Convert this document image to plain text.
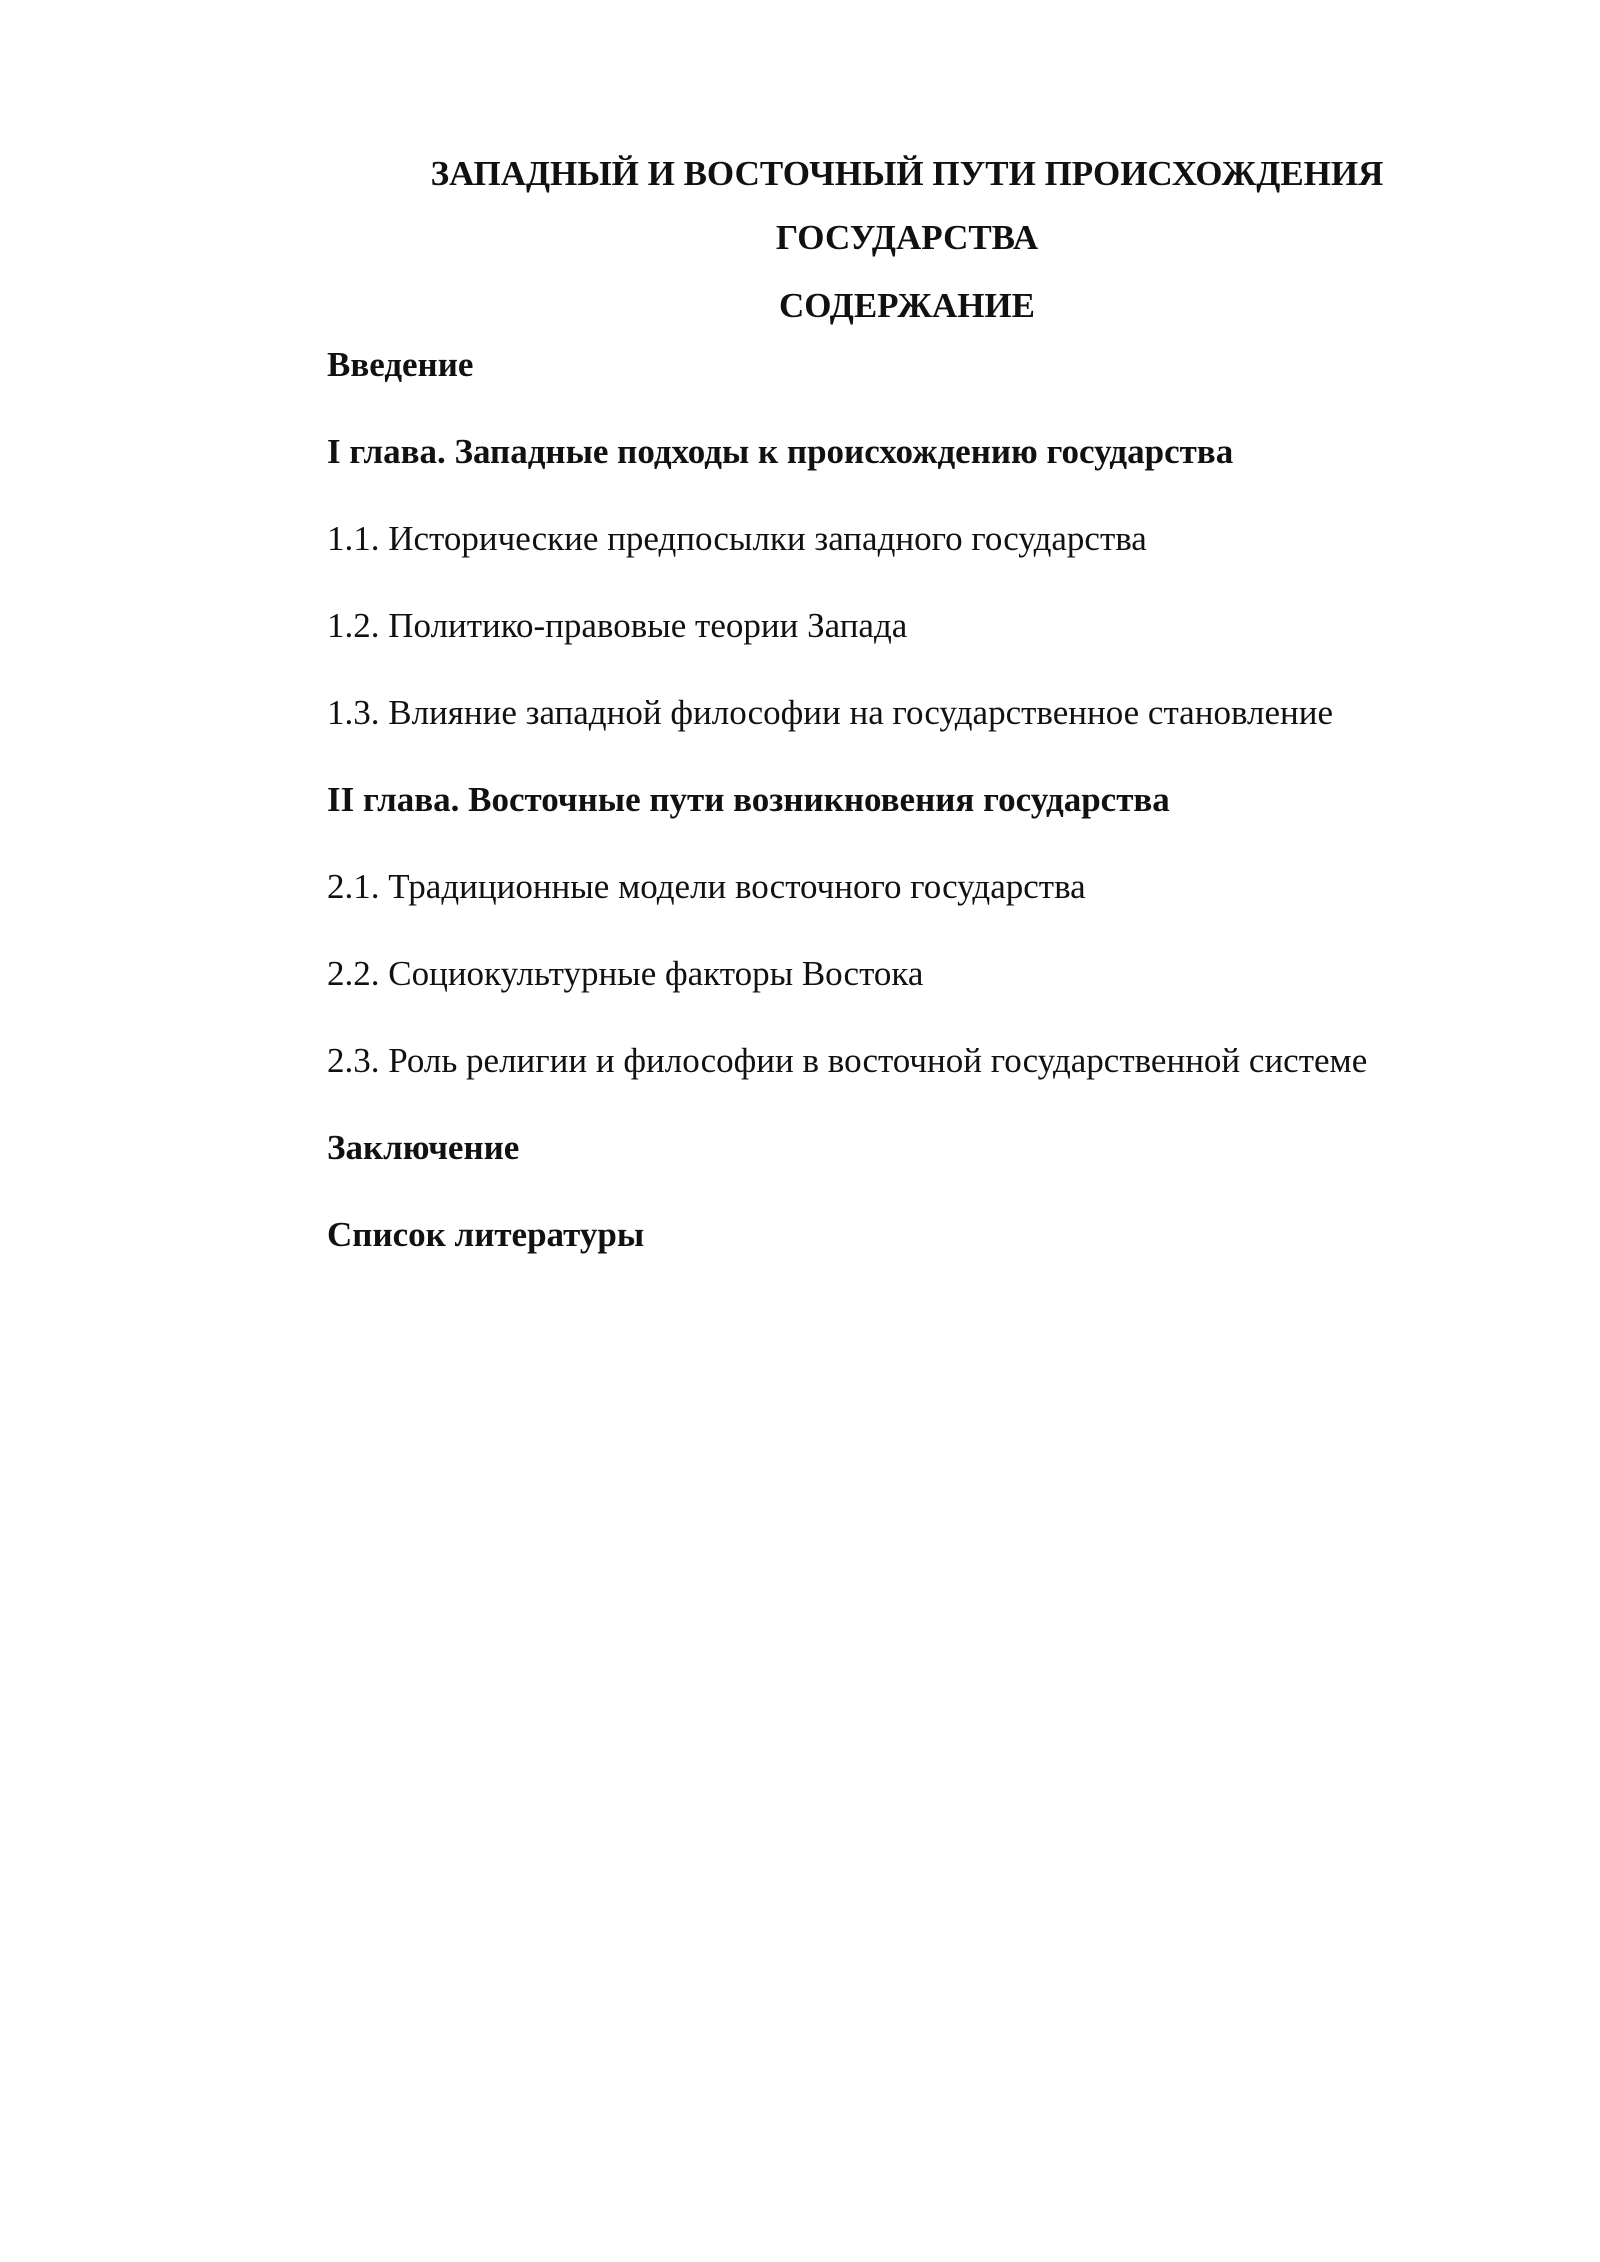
ЗАПАДНЫЙ И ВОСТОЧНЫЙ ПУТИ ПРОИСХОЖДЕНИЯ
ГОСУДАРСТВА
СОДЕРЖАНИЕ
Введение
I глава. Западные подходы к происхождению государства
1.1. Исторические предпосылки западного государства
1.2. Политико-правовые теории Запада
1.3. Влияние западной философии на государственное становление
II глава. Восточные пути возникновения государства
2.1. Традиционные модели восточного государства
2.2. Социокультурные факторы Востока
2.3. Роль религии и философии в восточной государственной системе
Заключение
Список литературы
